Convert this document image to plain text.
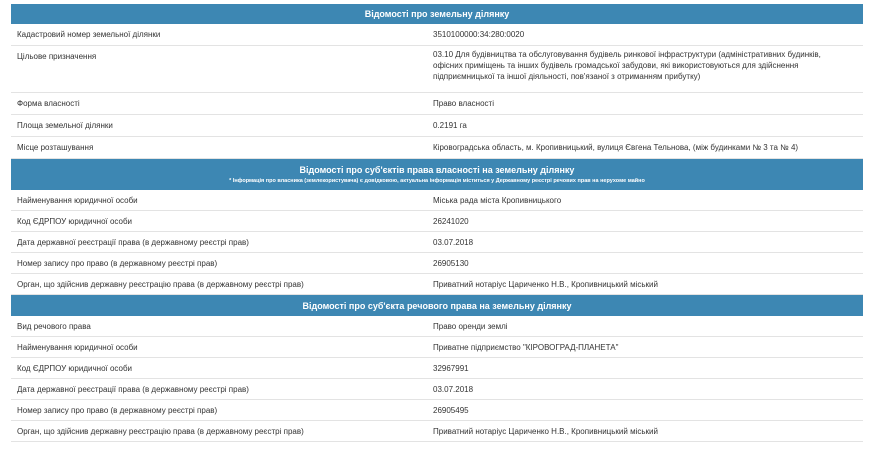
Відомості про земельну ділянку
Кадастровий номер земельної ділянки	3510100000:34:280:0020
Цільове призначення	03.10 Для будівництва та обслуговування будівель ринкової інфраструктури (адміністративних будинків, офісних приміщень та інших будівель громадської забудови, які використовуються для здійснення підприємницької та іншої діяльності, пов'язаної з отриманням прибутку)
Форма власності	Право власності
Площа земельної ділянки	0.2191 га
Місце розташування	Кіровоградська область, м. Кропивницький, вулиця Євгена Тельнова, (між будинками № 3 та № 4)
Відомості про суб'єктів права власності на земельну ділянку
* Інформація про власника (землекористувача) є довідковою, актуальна інформація міститься у Державному реєстрі речових прав на нерухоме майно
Найменування юридичної особи	Міська рада міста Кропивницького
Код ЄДРПОУ юридичної особи	26241020
Дата державної реєстрації права (в державному реєстрі прав)	03.07.2018
Номер запису про право (в державному реєстрі прав)	26905130
Орган, що здійснив державну реєстрацію права (в державному реєстрі прав)	Приватний нотаріус Цариченко Н.В., Кропивницький міський
Відомості про суб'єкта речового права на земельну ділянку
Вид речового права	Право оренди землі
Найменування юридичної особи	Приватне підприємство "КІРОВОГРАД-ПЛАНЕТА"
Код ЄДРПОУ юридичної особи	32967991
Дата державної реєстрації права (в державному реєстрі прав)	03.07.2018
Номер запису про право (в державному реєстрі прав)	26905495
Орган, що здійснив державну реєстрацію права (в державному реєстрі прав)	Приватний нотаріус Цариченко Н.В., Кропивницький міський
